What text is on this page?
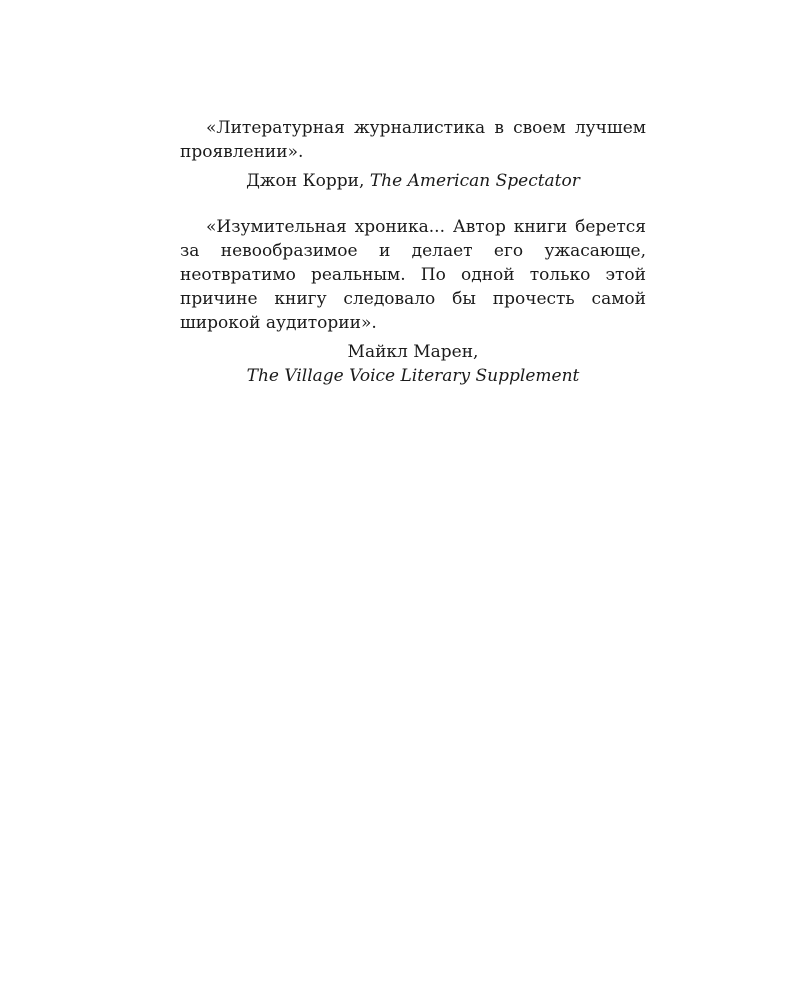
«Литературная журналистика в своем лучшем проявлении».

Джон Корри, The American Spectator

«Изумительная хроника... Автор книги берется за невообразимое и делает его ужасающе, неотвратимо реальным. По одной только этой причине книгу следовало бы прочесть самой широкой аудитории».

Майкл Марен,
The Village Voice Literary Supplement
